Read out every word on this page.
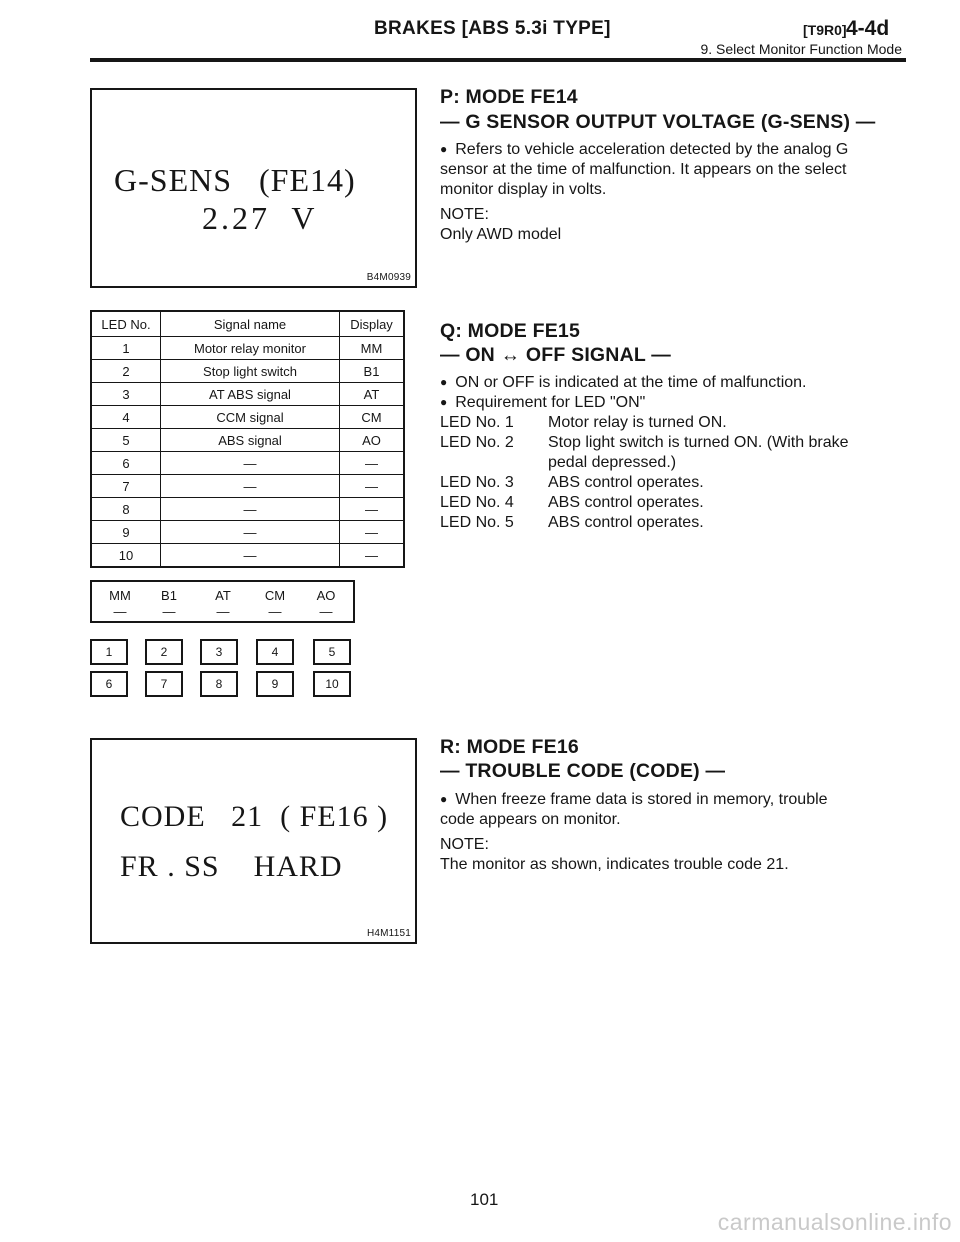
BRAKES [ABS 5.3i TYPE]	[T9R0] 4-4d
9. Select Monitor Function Mode
G-SENS   (FE14)
2.27  V
B4M0939
LED No.	Signal name	Display
1	Motor relay monitor	MM
2	Stop light switch	B1
3	AT ABS signal	AT
4	CCM signal	CM
5	ABS signal	AO
6	—	—
7	—	—
8	—	—
9	—	—
10	—	—
MM	B1	AT	CM	AO
—	—	—	—	—
1	2	3	4	5
6	7	8	9	10
CODE   21  ( FE16 )
FR . SS    HARD
H4M1151
P: MODE FE14
— G SENSOR OUTPUT VOLTAGE (G-SENS) —
● Refers to vehicle acceleration detected by the analog G
sensor at the time of malfunction. It appears on the select
monitor display in volts.
NOTE:
Only AWD model
Q: MODE FE15
— ON ↔ OFF SIGNAL —
● ON or OFF is indicated at the time of malfunction.
● Requirement for LED "ON"
LED No. 1 Motor relay is turned ON.
LED No. 2 Stop light switch is turned ON. (With brake
pedal depressed.)
LED No. 3 ABS control operates.
LED No. 4 ABS control operates.
LED No. 5 ABS control operates.
R: MODE FE16
— TROUBLE CODE (CODE) —
● When freeze frame data is stored in memory, trouble
code appears on monitor.
NOTE:
The monitor as shown, indicates trouble code 21.
101
carmanualsonline.info
